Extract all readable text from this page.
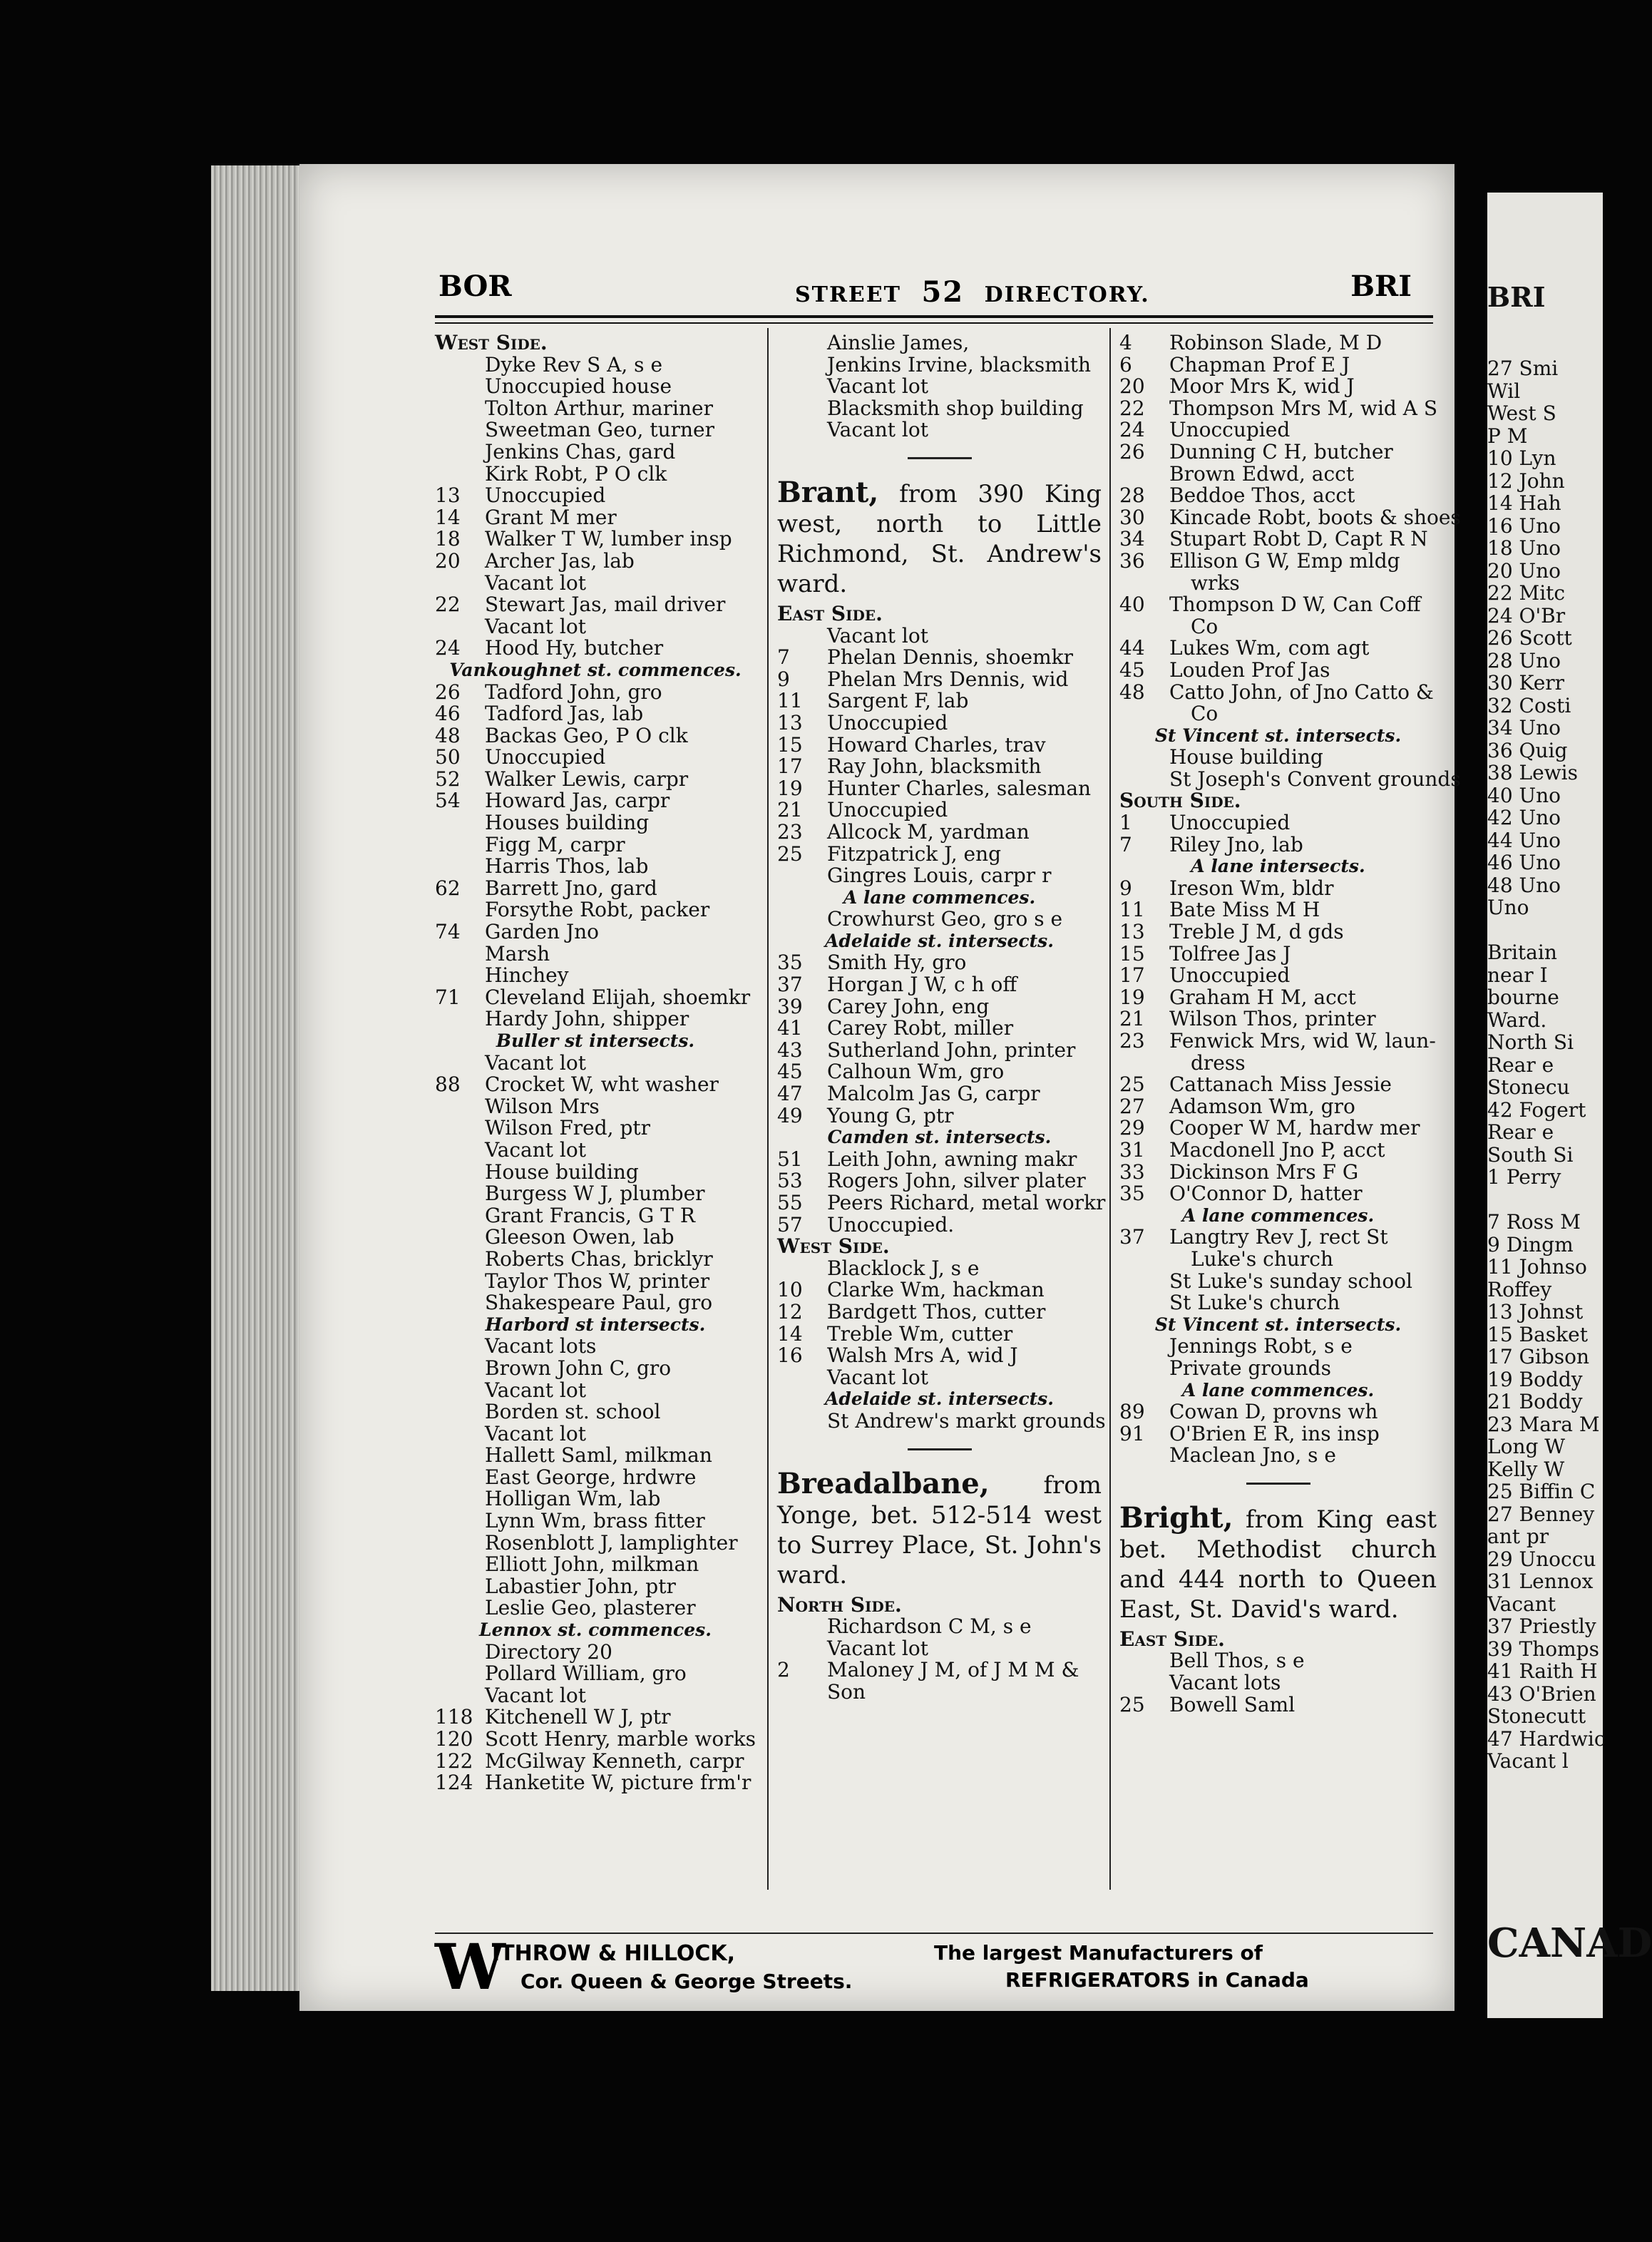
BOR	STREET 52 DIRECTORY.	BRI
West Side.
Dyke Rev S A, s e
Unoccupied house
Tolton Arthur, mariner
Sweetman Geo, turner
Jenkins Chas, gard
Kirk Robt, P O clk
13	Unoccupied
14	Grant M mer
18	Walker T W, lumber insp
20	Archer Jas, lab
Vacant lot
22	Stewart Jas, mail driver
Vacant lot
24	Hood Hy, butcher
Vankoughnet st. commences.
26	Tadford John, gro
46	Tadford Jas, lab
48	Backas Geo, P O clk
50	Unoccupied
52	Walker Lewis, carpr
54	Howard Jas, carpr
Houses building
Figg M, carpr
Harris Thos, lab
62	Barrett Jno, gard
Forsythe Robt, packer
74	Garden Jno
Marsh
Hinchey
71	Cleveland Elijah, shoemkr
Hardy John, shipper
Buller st intersects.
Vacant lot
88	Crocket W, wht washer
Wilson Mrs
Wilson Fred, ptr
Vacant lot
House building
Burgess W J, plumber
Grant Francis, G T R
Gleeson Owen, lab
Roberts Chas, bricklyr
Taylor Thos W, printer
Shakespeare Paul, gro
Harbord st intersects.
Vacant lots
Brown John C, gro
Vacant lot
Borden st. school
Vacant lot
Hallett Saml, milkman
East George, hrdwre
Holligan Wm, lab
Lynn Wm, brass fitter
Rosenblott J, lamplighter
Elliott John, milkman
Labastier John, ptr
Leslie Geo, plasterer
Lennox st. commences.
Directory 20
Pollard William, gro
Vacant lot
118 Kitchenell W J, ptr
120 Scott Henry, marble works
122 McGilway Kenneth, carpr
124 Hanketite W, picture frm'r
Ainslie James,
Jenkins Irvine, blacksmith
Vacant lot
Blacksmith shop building
Vacant lot
Brant, from 390 King west, north to Little Richmond, St. Andrew's ward.
East Side.
Vacant lot
7	Phelan Dennis, shoemkr
9	Phelan Mrs Dennis, wid
11	Sargent F, lab
13	Unoccupied
15	Howard Charles, trav
17	Ray John, blacksmith
19	Hunter Charles, salesman
21	Unoccupied
23	Allcock M, yardman
25	Fitzpatrick J, eng
Gingres Louis, carpr r
A lane commences.
Crowhurst Geo, gro s e
Adelaide st. intersects.
35	Smith Hy, gro
37	Horgan J W, c h off
39	Carey John, eng
41	Carey Robt, miller
43	Sutherland John, printer
45	Calhoun Wm, gro
47	Malcolm Jas G, carpr
49	Young G, ptr
Camden st. intersects.
51	Leith John, awning makr
53	Rogers John, silver plater
55	Peers Richard, metal workr
57	Unoccupied.
West Side.
Blacklock J, s e
10	Clarke Wm, hackman
12	Bardgett Thos, cutter
14	Treble Wm, cutter
16	Walsh Mrs A, wid J
Vacant lot
Adelaide st. intersects.
St Andrew's markt grounds
Breadalbane, from Yonge, bet. 512-514 west to Surrey Place, St. John's ward.
North Side.
Richardson C M, s e
Vacant lot
2	Maloney J M, of J M M &
Son
4	Robinson Slade, M D
6	Chapman Prof E J
20	Moor Mrs K, wid J
22	Thompson Mrs M, wid A S
24	Unoccupied
26	Dunning C H, butcher
Brown Edwd, acct
28	Beddoe Thos, acct
30	Kincade Robt, boots & shoes
34	Stupart Robt D, Capt R N
36	Ellison G W, Emp mldg
wrks
40	Thompson D W, Can Coff
Co
44	Lukes Wm, com agt
45	Louden Prof Jas
48	Catto John, of Jno Catto &
Co
St Vincent st. intersects.
House building
St Joseph's Convent grounds
South Side.
1	Unoccupied
7	Riley Jno, lab
A lane intersects.
9	Ireson Wm, bldr
11	Bate Miss M H
13	Treble J M, d gds
15	Tolfree Jas J
17	Unoccupied
19	Graham H M, acct
21	Wilson Thos, printer
23	Fenwick Mrs, wid W, laun-
dress
25	Cattanach Miss Jessie
27	Adamson Wm, gro
29	Cooper W M, hardw mer
31	Macdonell Jno P, acct
33	Dickinson Mrs F G
35	O'Connor D, hatter
A lane commences.
37	Langtry Rev J, rect St
Luke's church
St Luke's sunday school
St Luke's church
St Vincent st. intersects.
Jennings Robt, s e
Private grounds
A lane commences.
89	Cowan D, provns wh
91	O'Brien E R, ins insp
Maclean Jno, s e
Bright, from King east bet. Methodist church and 444 north to Queen East, St. David's ward.
East Side.
Bell Thos, s e
Vacant lots
25	Bowell Saml
W
ITHROW & HILLOCK,
Cor. Queen & George Streets.
The largest Manufacturers of
REFRIGERATORS in Canada
BRI
27 Smi
Wil
West S
P M
10 Lyn
12 John
14 Hah
16 Uno
18 Uno
20 Uno
22 Mitc
24 O'Br
26 Scott
28 Uno
30 Kerr
32 Costi
34 Uno
36 Quig
38 Lewis
40 Uno
42 Uno
44 Uno
46 Uno
48 Uno
Uno
Britain
near I
bourne
Ward.
North Si
Rear e
Stonecu
42 Fogert
Rear e
South Si
1 Perry
7 Ross M
9 Dingm
11 Johnso
Roffey
13 Johnst
15 Basket
17 Gibson
19 Boddy
21 Boddy
23 Mara M
Long W
Kelly W
25 Biffin C
27 Benney
ant pr
29 Unoccu
31 Lennox
Vacant
37 Priestly
39 Thomps
41 Raith H
43 O'Brien
Stonecutt
47 Hardwic
Vacant l
CANAD
